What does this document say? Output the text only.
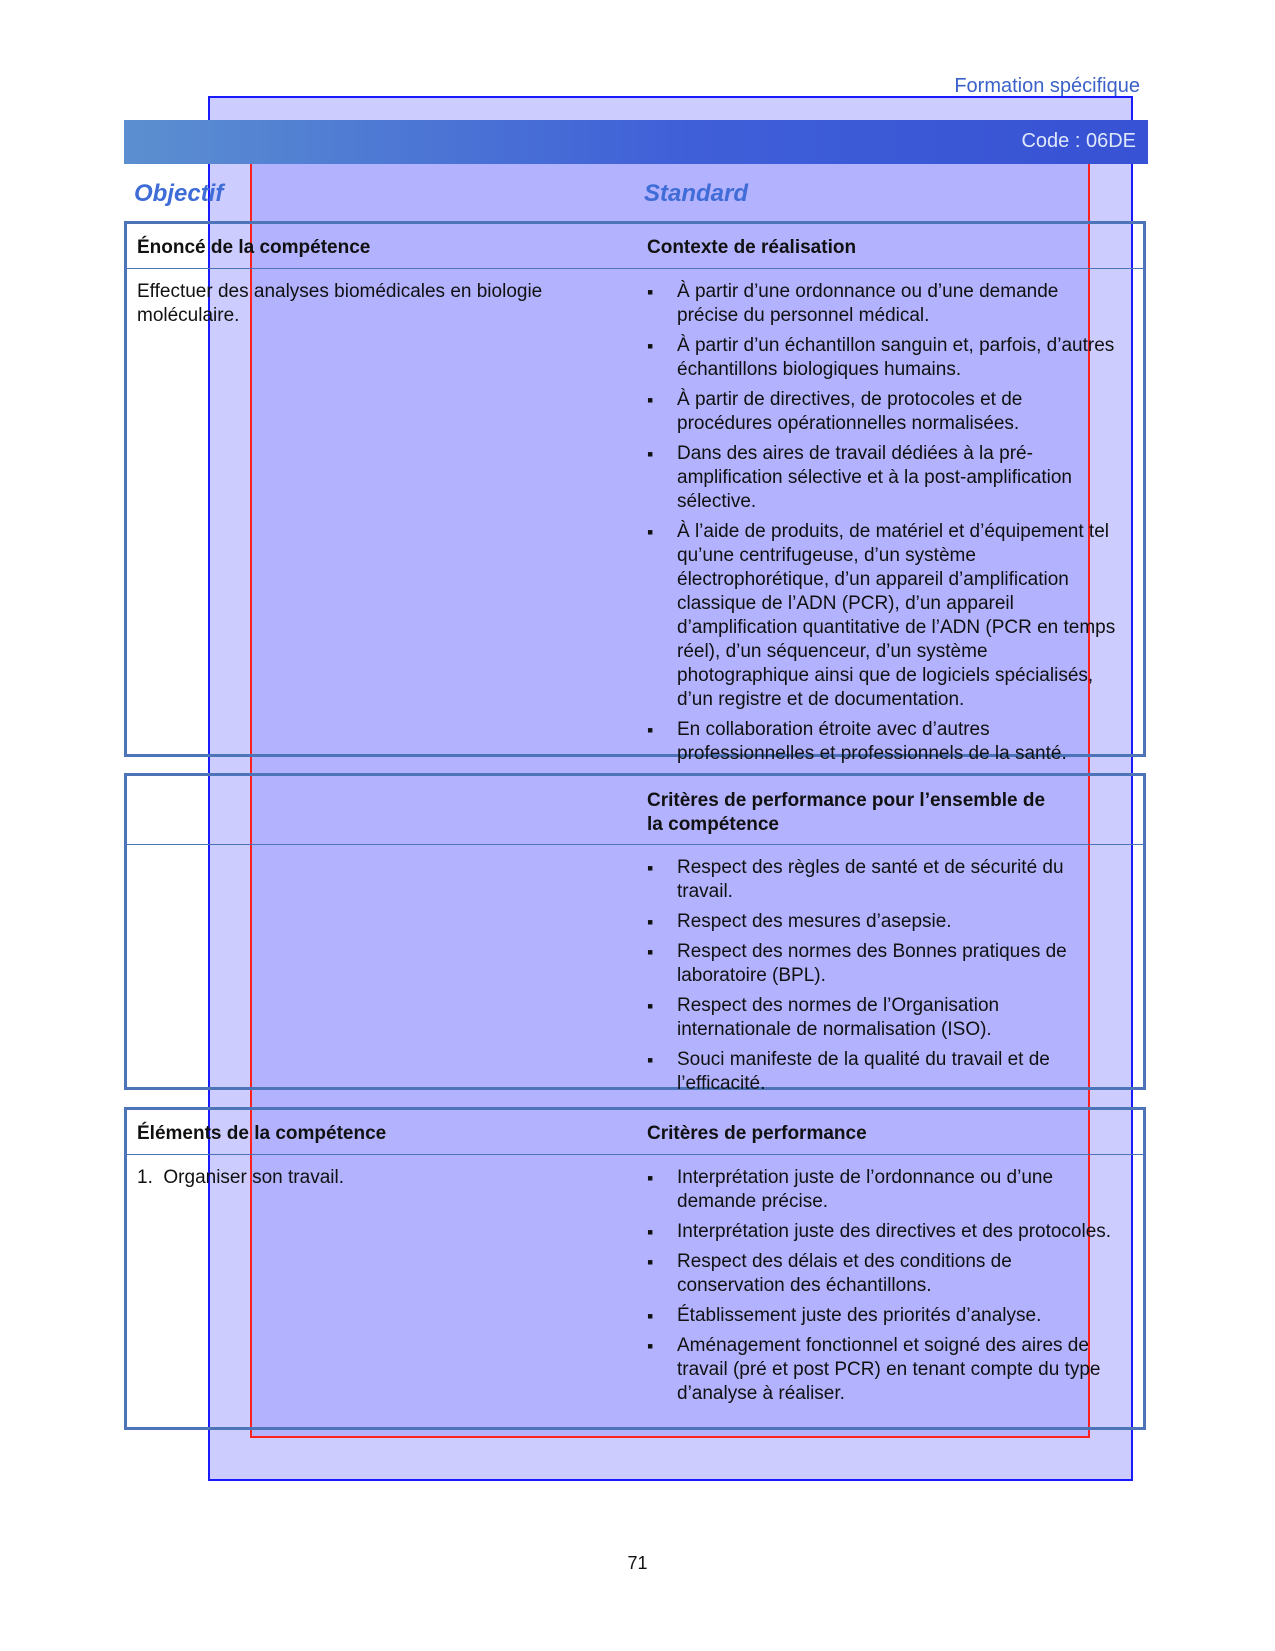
Formation spécifique
Code : 06DE
Objectif	Standard
Énoncé de la compétence	Contexte de réalisation
Effectuer des analyses biomédicales en biologie moléculaire.
▪ À partir d’une ordonnance ou d’une demande précise du personnel médical.
▪ À partir d’un échantillon sanguin et, parfois, d’autres échantillons biologiques humains.
▪ À partir de directives, de protocoles et de procédures opérationnelles normalisées.
▪ Dans des aires de travail dédiées à la pré-amplification sélective et à la post-amplification sélective.
▪ À l’aide de produits, de matériel et d’équipement tel qu’une centrifugeuse, d’un système électrophorétique, d’un appareil d’amplification classique de l’ADN (PCR), d’un appareil d’amplification quantitative de l’ADN (PCR en temps réel), d’un séquenceur, d’un système photographique ainsi que de logiciels spécialisés, d’un registre et de documentation.
▪ En collaboration étroite avec d’autres professionnelles et professionnels de la santé.
Critères de performance pour l’ensemble de la compétence
▪ Respect des règles de santé et de sécurité du travail.
▪ Respect des mesures d’asepsie.
▪ Respect des normes des Bonnes pratiques de laboratoire (BPL).
▪ Respect des normes de l’Organisation internationale de normalisation (ISO).
▪ Souci manifeste de la qualité du travail et de l’efficacité.
Éléments de la compétence	Critères de performance
1.  Organiser son travail.
▪	Interprétation juste de l’ordonnance ou d’une demande précise.
▪ Interprétation juste des directives et des protocoles.
▪ Respect des délais et des conditions de conservation des échantillons.
▪ Établissement juste des priorités d’analyse.
▪ Aménagement fonctionnel et soigné des aires de travail (pré et post PCR) en tenant compte du type d’analyse à réaliser.
71
